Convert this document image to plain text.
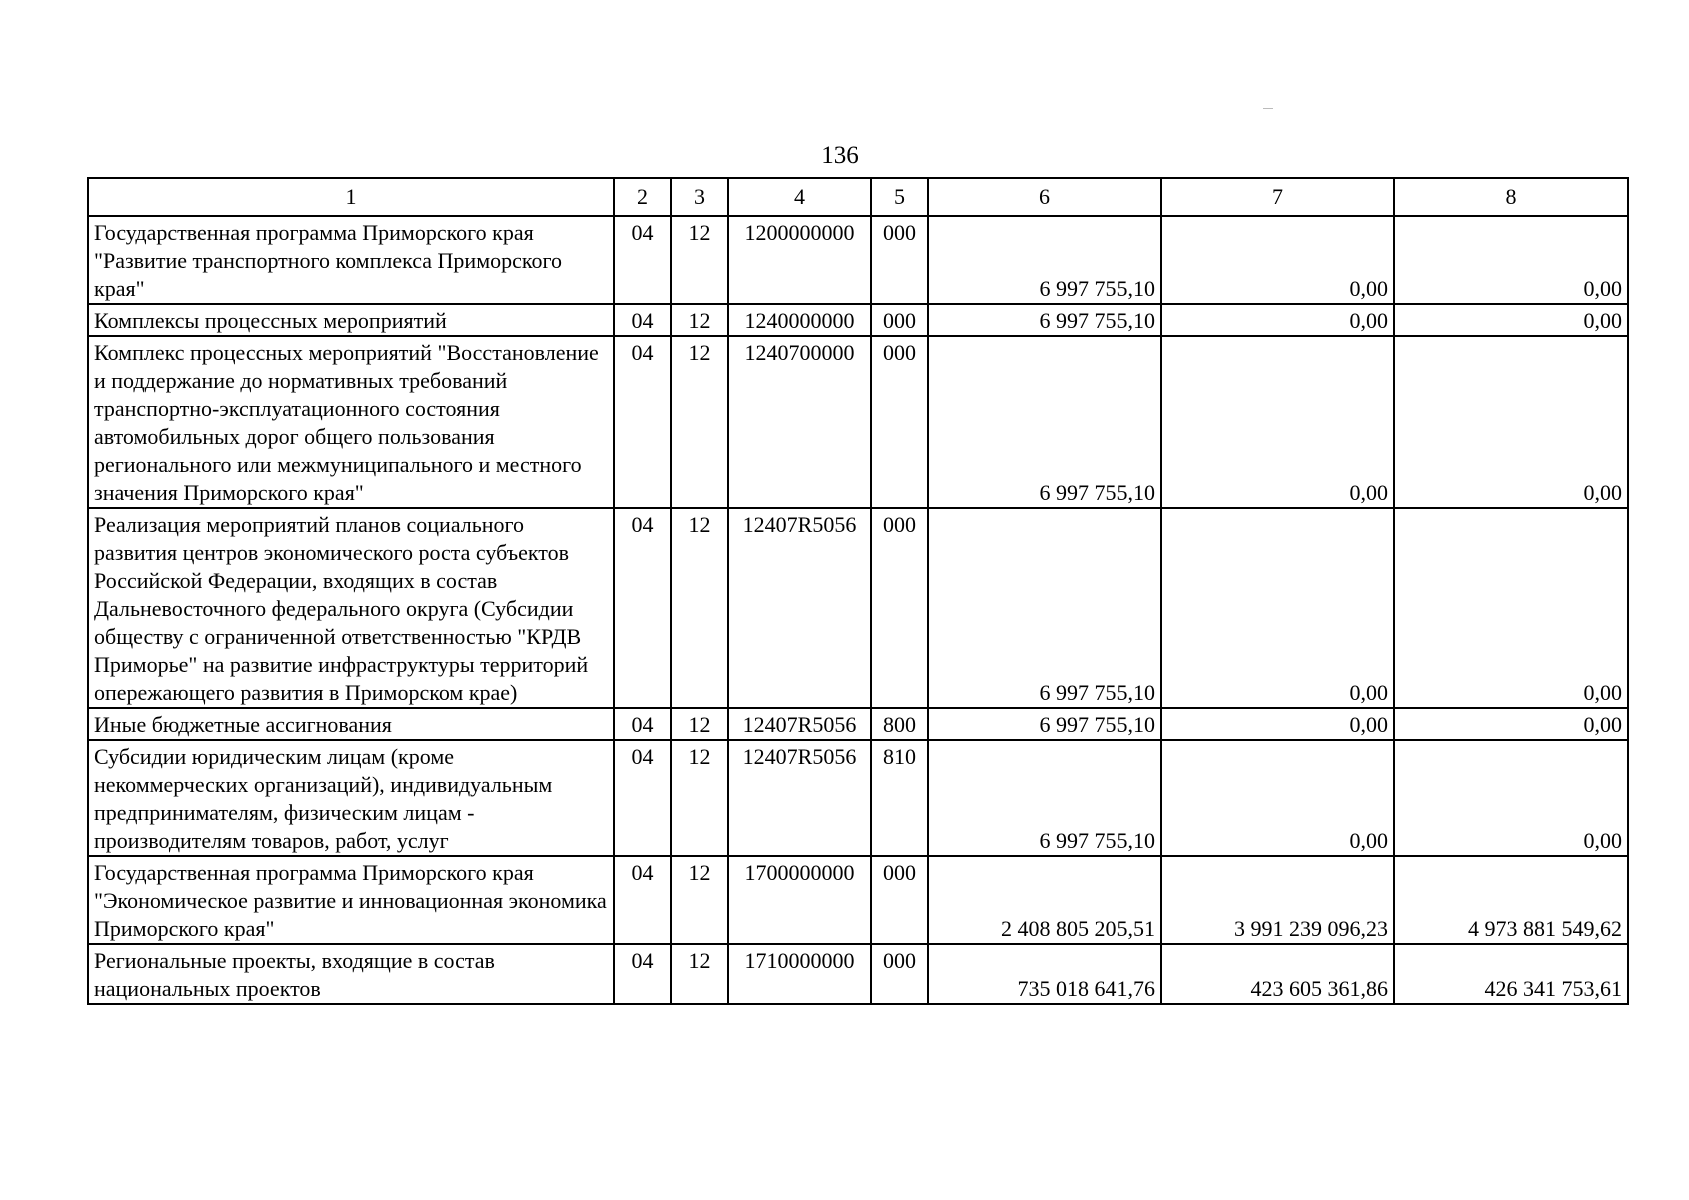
136
1	2	3	4	5	6	7	8
Государственная программа Приморского края "Развитие транспортного комплекса Приморского края"	04	12	1200000000	000	6 997 755,10	0,00	0,00
Комплексы процессных мероприятий	04	12	1240000000	000	6 997 755,10	0,00	0,00
Комплекс процессных мероприятий "Восстановление и поддержание до нормативных требований транспортно-эксплуатационного состояния автомобильных дорог общего пользования регионального или межмуниципального и местного значения Приморского края"	04	12	1240700000	000	6 997 755,10	0,00	0,00
Реализация мероприятий планов социального развития центров экономического роста субъектов Российской Федерации, входящих в состав Дальневосточного федерального округа (Субсидии обществу с ограниченной ответственностью "КРДВ Приморье" на развитие инфраструктуры территорий опережающего развития в Приморском крае)	04	12	12407R5056	000	6 997 755,10	0,00	0,00
Иные бюджетные ассигнования	04	12	12407R5056	800	6 997 755,10	0,00	0,00
Субсидии юридическим лицам (кроме некоммерческих организаций), индивидуальным предпринимателям, физическим лицам - производителям товаров, работ, услуг	04	12	12407R5056	810	6 997 755,10	0,00	0,00
Государственная программа Приморского края "Экономическое развитие и инновационная экономика Приморского края"	04	12	1700000000	000	2 408 805 205,51	3 991 239 096,23	4 973 881 549,62
Региональные проекты, входящие в состав национальных проектов	04	12	1710000000	000	735 018 641,76	423 605 361,86	426 341 753,61
